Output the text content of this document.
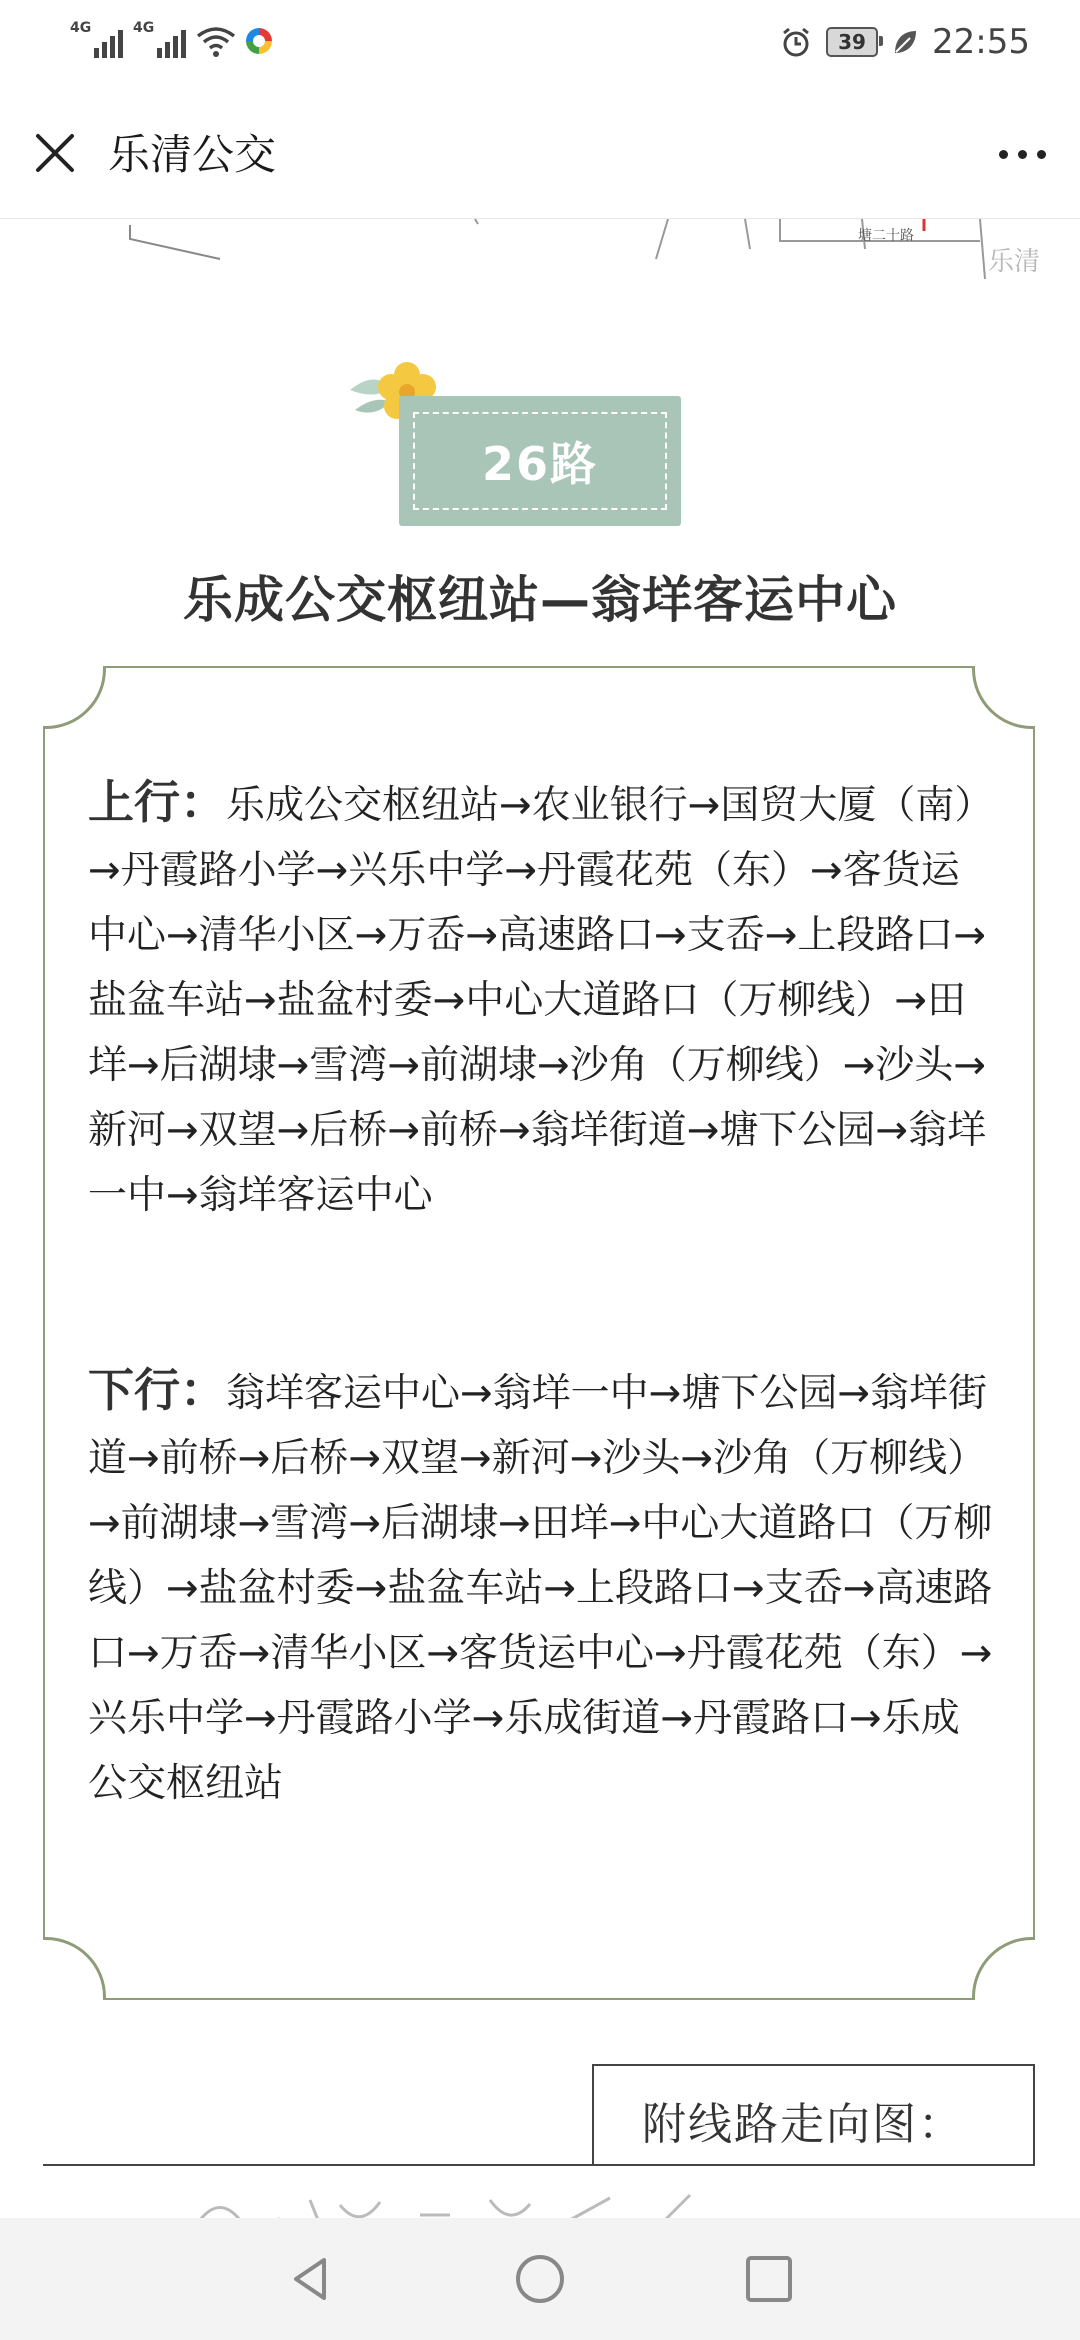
4G	4G
39 22:55
乐清公交
塘二十路
乐清
26路
乐成公交枢纽站—翁垟客运中心
上行：乐成公交枢纽站→农业银行→国贸大厦（南）→丹霞路小学→兴乐中学→丹霞花苑（东）→客货运中心→清华小区→万岙→高速路口→支岙→上段路口→盐盆车站→盐盆村委→中心大道路口（万柳线）→田垟→后湖埭→雪湾→前湖埭→沙角（万柳线）→沙头→新河→双望→后桥→前桥→翁垟街道→塘下公园→翁垟一中→翁垟客运中心
下行：翁垟客运中心→翁垟一中→塘下公园→翁垟街道→前桥→后桥→双望→新河→沙头→沙角（万柳线）→前湖埭→雪湾→后湖埭→田垟→中心大道路口（万柳线）→盐盆村委→盐盆车站→上段路口→支岙→高速路口→万岙→清华小区→客货运中心→丹霞花苑（东）→兴乐中学→丹霞路小学→乐成街道→丹霞路口→乐成公交枢纽站
附线路走向图：
